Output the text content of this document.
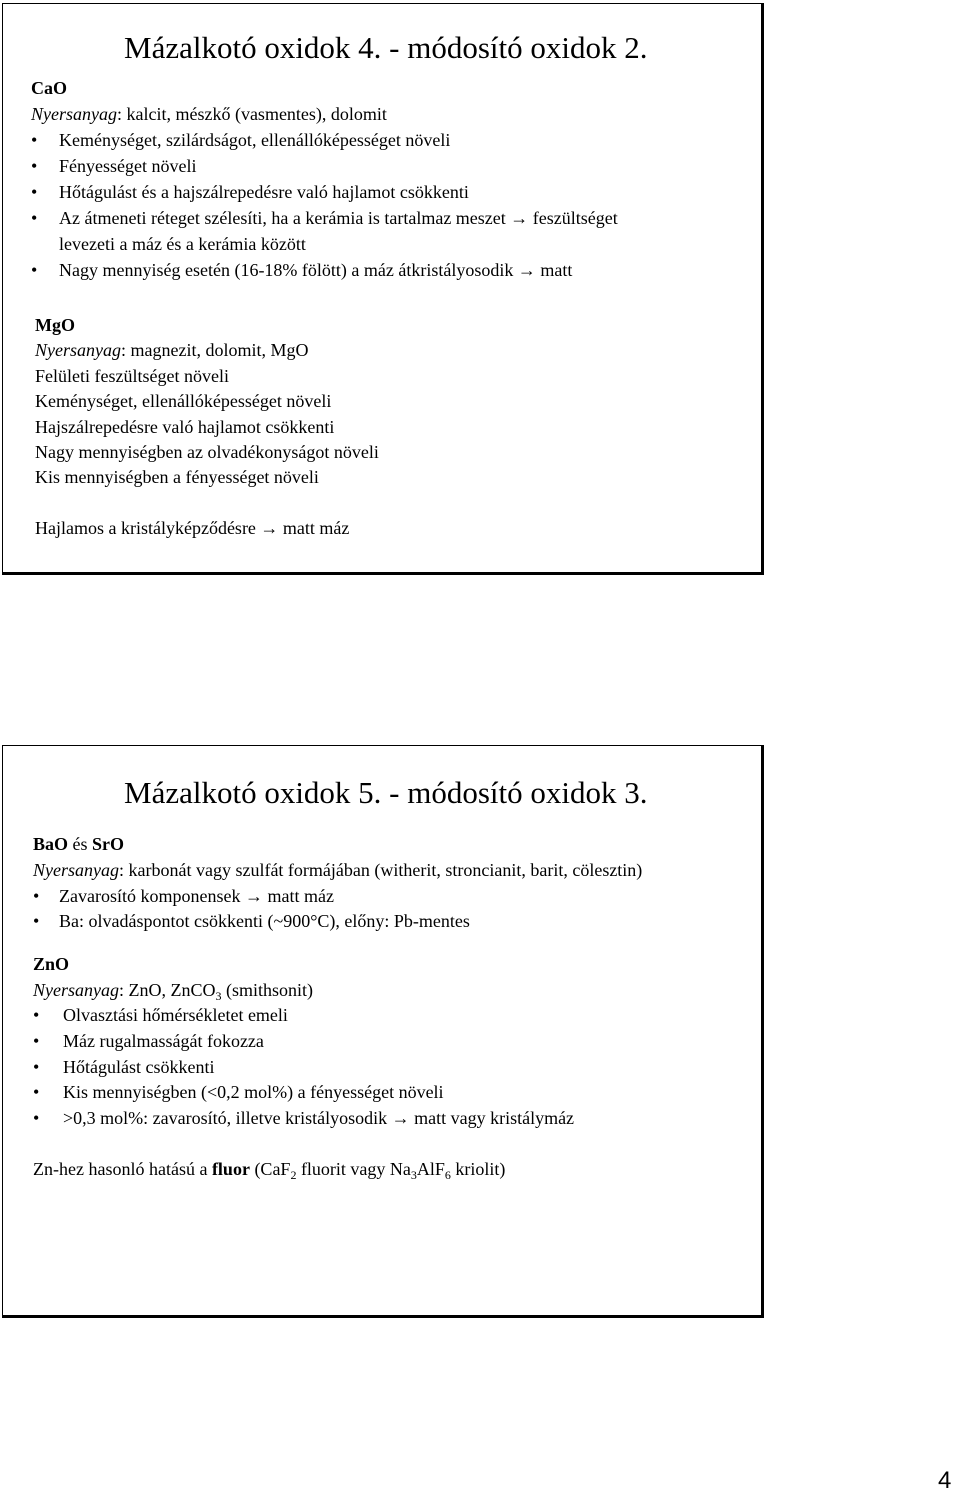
Mázalkotó oxidok 4. - módosító oxidok 2.
CaO
Nyersanyag: kalcit, mészkő (vasmentes), dolomit
• Keménységet, szilárdságot, ellenállóképességet növeli
• Fényességet növeli
• Hőtágulást és a hajszálrepedésre való hajlamot csökkenti
• Az átmeneti réteget szélesíti, ha a kerámia is tartalmaz meszet → feszültséget
levezeti a máz és a kerámia között
• Nagy mennyiség esetén (16-18% fölött) a máz átkristályosodik → matt
MgO
Nyersanyag: magnezit, dolomit, MgO
Felületi feszültséget növeli
Keménységet, ellenállóképességet növeli
Hajszálrepedésre való hajlamot csökkenti
Nagy mennyiségben az olvadékonyságot növeli
Kis mennyiségben a fényességet növeli
Hajlamos a kristályképződésre → matt máz
Mázalkotó oxidok 5. - módosító oxidok 3.
BaO és SrO
Nyersanyag: karbonát vagy szulfát formájában (witherit, stroncianit, barit, cölesztin)
• Zavarosító komponensek → matt máz
• Ba: olvadáspontot csökkenti (~900°C), előny: Pb-mentes
ZnO
Nyersanyag: ZnO, ZnCO$_3$ (smithsonit)
• Olvasztási hőmérsékletet emeli
• Máz rugalmasságát fokozza
• Hőtágulást csökkenti
• Kis mennyiségben (<0,2 mol%) a fényességet növeli
• >0,3 mol%: zavarosító, illetve kristályosodik → matt vagy kristálymáz
Zn-hez hasonló hatású a fluor (CaF$_2$ fluorit vagy $Na_3AlF_6$ kriolit)
4
